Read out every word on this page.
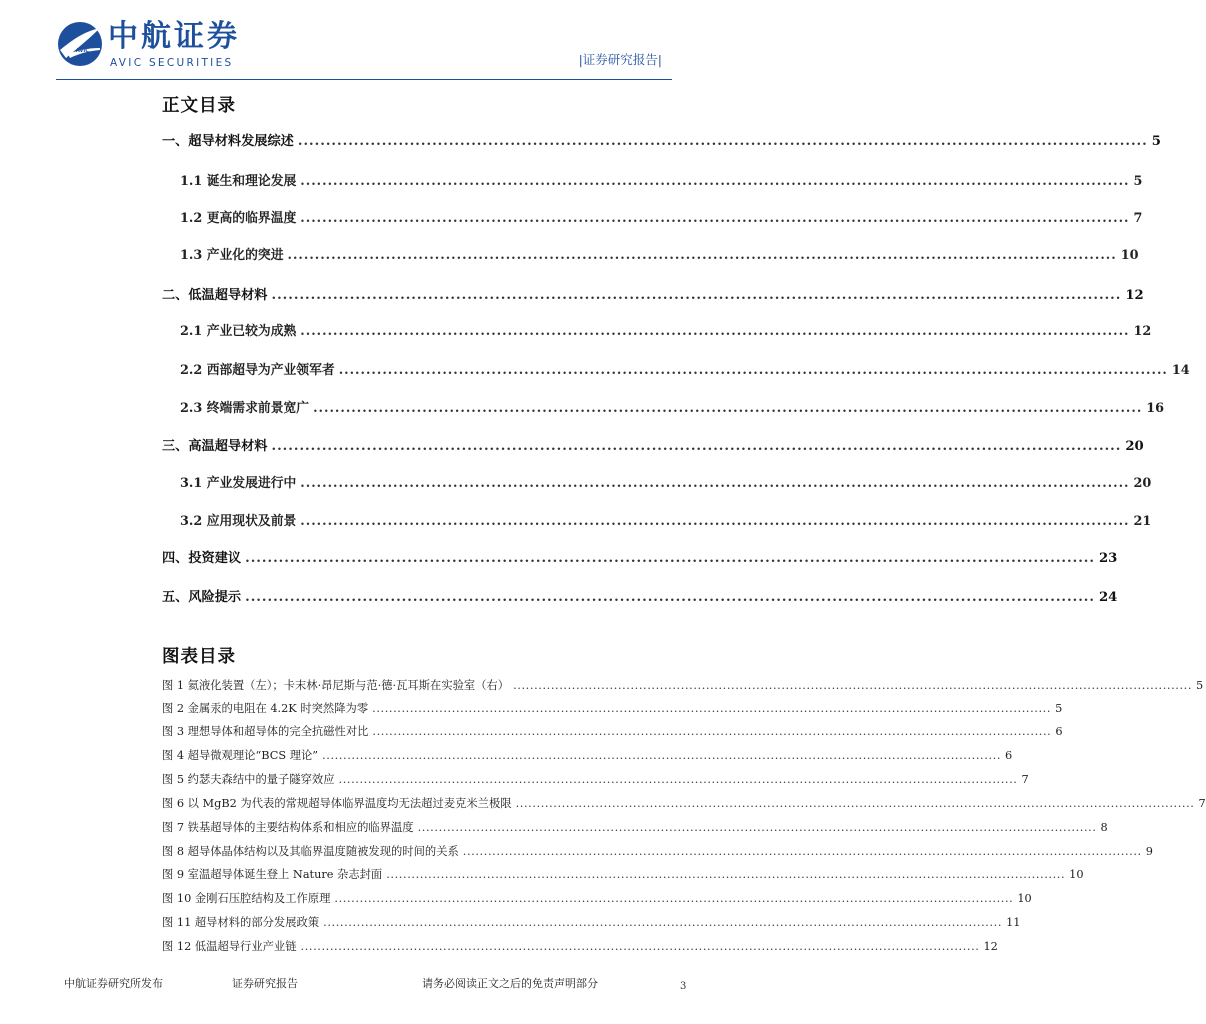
AVIC 中航证券
AVIC SECURITIES	|证券研究报告|
正文目录
一、超导材料发展综述 ........................................................................................................................................................ 5
1.1 诞生和理论发展 ........................................................................................................................................................ 5
1.2 更高的临界温度 ........................................................................................................................................................ 7
1.3 产业化的突进 ........................................................................................................................................................ 10
二、低温超导材料 ........................................................................................................................................................ 12
2.1 产业已较为成熟 ........................................................................................................................................................ 12
2.2 西部超导为产业领军者 ........................................................................................................................................................ 14
2.3 终端需求前景宽广 ........................................................................................................................................................ 16
三、高温超导材料 ........................................................................................................................................................ 20
3.1 产业发展进行中 ........................................................................................................................................................ 20
3.2 应用现状及前景 ........................................................................................................................................................ 21
四、投资建议 ........................................................................................................................................................ 23
五、风险提示 ........................................................................................................................................................ 24
图表目录
图 1 氦液化装置（左）；卡末林·昂尼斯与范·德·瓦耳斯在实验室（右） .................................................................................................................................................................. 5
图 2 金属汞的电阻在 4.2K 时突然降为零 .................................................................................................................................................................. 5
图 3 理想导体和超导体的完全抗磁性对比 .................................................................................................................................................................. 6
图 4 超导微观理论“BCS 理论” .................................................................................................................................................................. 6
图 5 约瑟夫森结中的量子隧穿效应 .................................................................................................................................................................. 7
图 6 以 MgB2 为代表的常规超导体临界温度均无法超过麦克米兰极限 .................................................................................................................................................................. 7
图 7 铁基超导体的主要结构体系和相应的临界温度 .................................................................................................................................................................. 8
图 8 超导体晶体结构以及其临界温度随被发现的时间的关系 .................................................................................................................................................................. 9
图 9 室温超导体诞生登上 Nature 杂志封面 .................................................................................................................................................................. 10
图 10 金刚石压腔结构及工作原理 .................................................................................................................................................................. 10
图 11 超导材料的部分发展政策 .................................................................................................................................................................. 11
图 12 低温超导行业产业链 .................................................................................................................................................................. 12
中航证券研究所发布	证券研究报告	请务必阅读正文之后的免责声明部分	3
